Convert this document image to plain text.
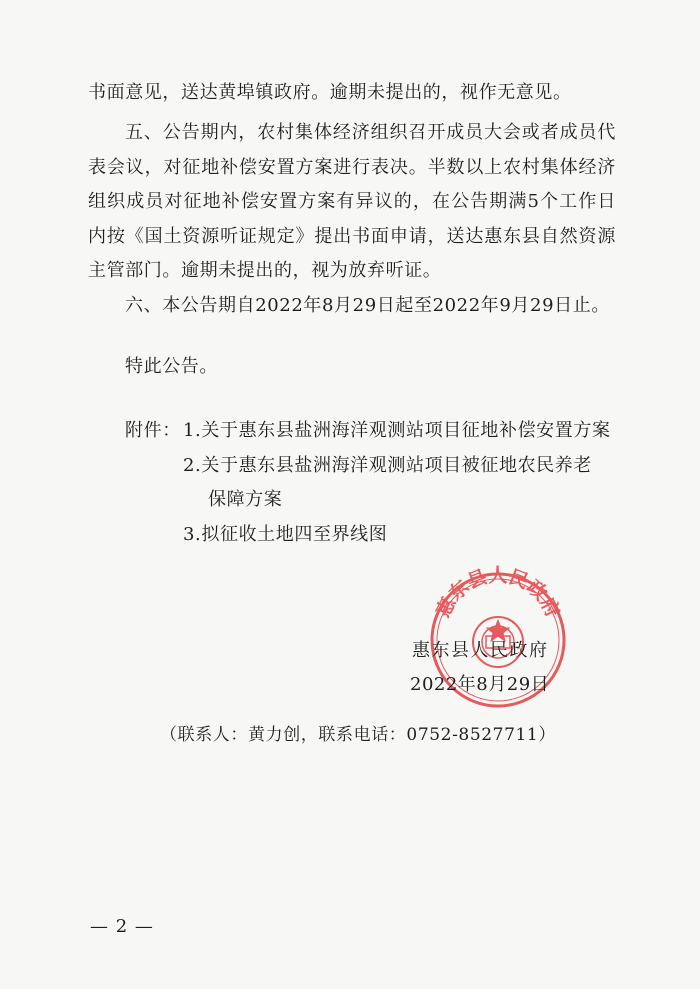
书面意见，送达黄埠镇政府。逾期未提出的，视作无意见。

五、公告期内，农村集体经济组织召开成员大会或者成员代表会议，对征地补偿安置方案进行表决。半数以上农村集体经济组织成员对征地补偿安置方案有异议的，在公告期满5个工作日内按《国土资源听证规定》提出书面申请，送达惠东县自然资源主管部门。逾期未提出的，视为放弃听证。

六、本公告期自2022年8月29日起至2022年9月29日止。

特此公告。

附件： 1.关于惠东县盐洲海洋观测站项目征地补偿安置方案
2.关于惠东县盐洲海洋观测站项目被征地农民养老
保障方案
3.拟征收土地四至界线图
惠东县人民政府
惠东县人民政府
2022年8月29日
（联系人：黄力创，联系电话：0752-8527711）
— 2 —
